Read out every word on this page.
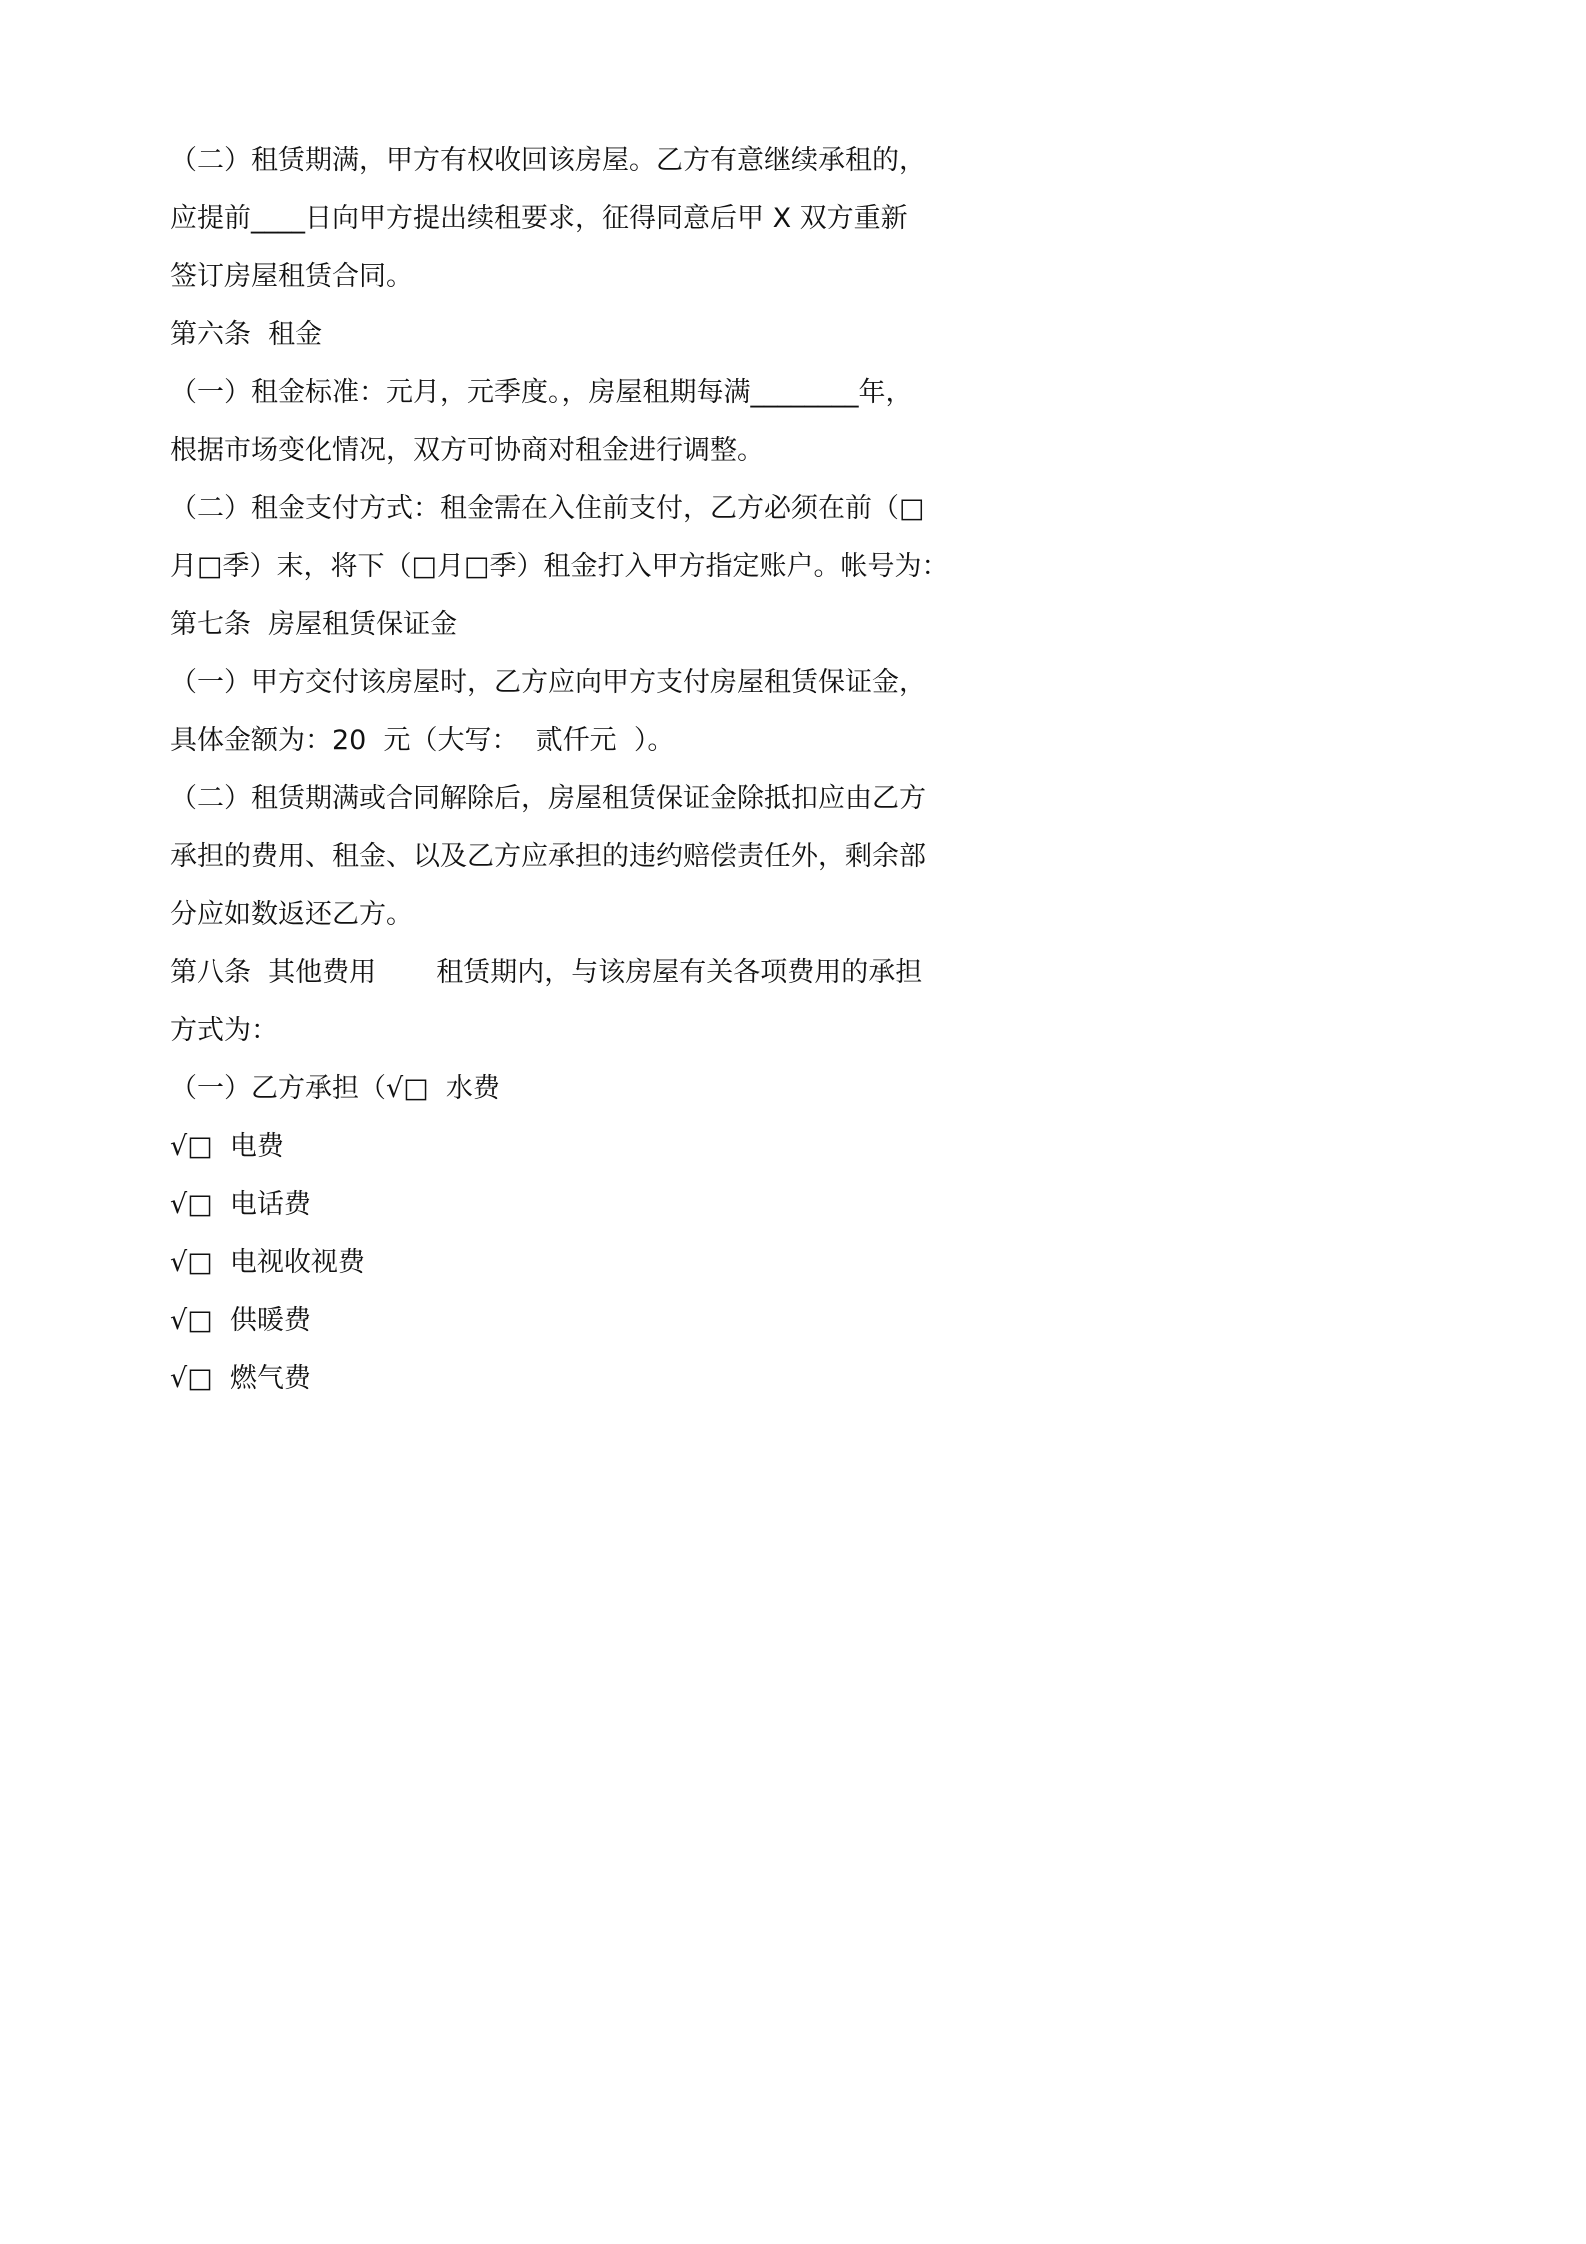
（二）租赁期满，甲方有权收回该房屋。乙方有意继续承租的，
应提前____日向甲方提出续租要求，征得同意后甲 X 双方重新
签订房屋租赁合同。
第六条  租金
（一）租金标准：元月，元季度。，房屋租期每满________年，
根据市场变化情况，双方可协商对租金进行调整。
（二）租金支付方式：租金需在入住前支付，乙方必须在前（□
月□季）末，将下（□月□季）租金打入甲方指定账户。帐号为：
第七条  房屋租赁保证金
（一）甲方交付该房屋时，乙方应向甲方支付房屋租赁保证金，
具体金额为：20  元（大写：  贰仟元  ）。
（二）租赁期满或合同解除后，房屋租赁保证金除抵扣应由乙方
承担的费用、租金、以及乙方应承担的违约赔偿责任外，剩余部
分应如数返还乙方。
第八条  其他费用       租赁期内，与该房屋有关各项费用的承担
方式为：
（一）乙方承担（√□  水费
√□  电费
√□  电话费
√□  电视收视费
√□  供暖费
√□  燃气费
